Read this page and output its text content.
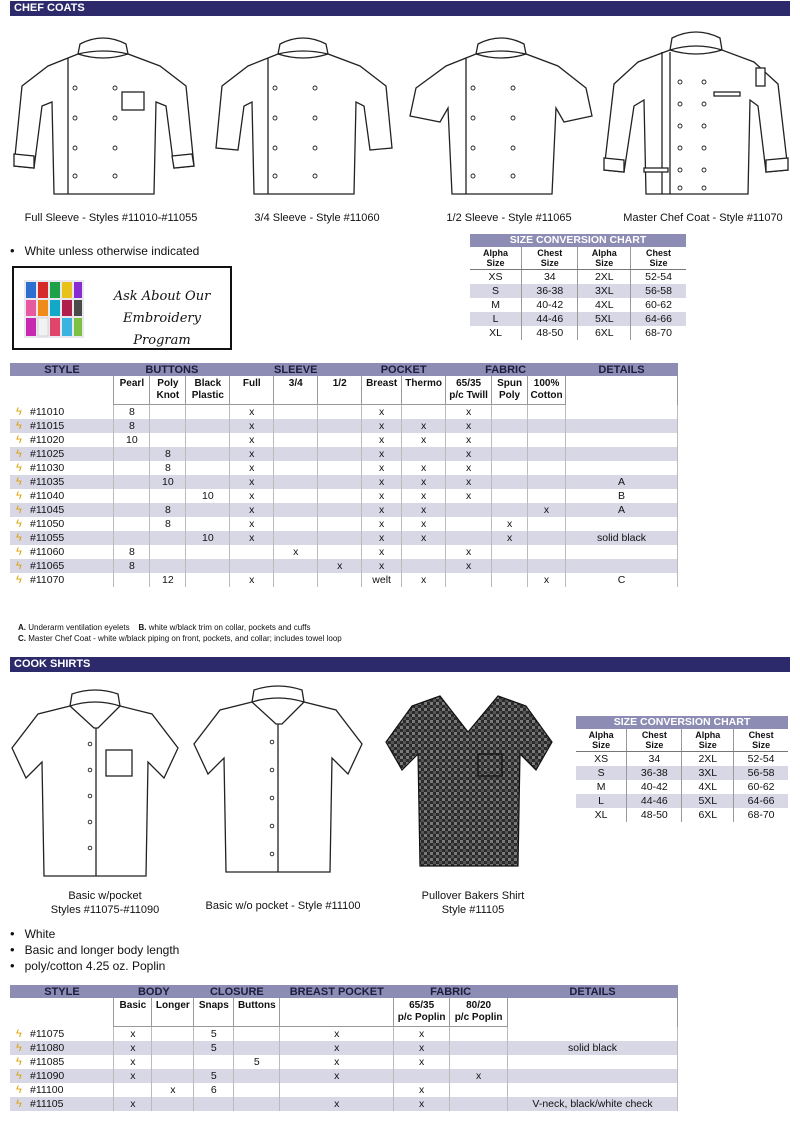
CHEF COATS
Full Sleeve - Styles #11010-#11055	3/4 Sleeve - Style #11060	1/2 Sleeve - Style #11065	Master Chef Coat - Style #11070
• White unless otherwise indicated
Ask About Our
Embroidery Program
SIZE CONVERSION CHART
Alpha
Size	Chest
Size	Alpha
Size	Chest
Size
XS	34	2XL	52-54
S	36-38	3XL	56-58
M	40-42	4XL	60-62
L	44-46	5XL	64-66
XL	48-50	6XL	68-70
STYLE	BUTTONS			SLEEVE			POCKET		FABRIC			DETAILS
	Pearl	Poly
Knot	Black
Plastic	Full	3/4	1/2	Breast	Thermo	65/35
p/c Twill	Spun
Poly	100%
Cotton	

ϟ #11010	8			x			x		x			

ϟ #11015	8			x			x	x	x			

ϟ #11020	10			x			x	x	x			

ϟ #11025		8		x			x		x			

ϟ #11030		8		x			x	x	x			

ϟ #11035		10		x			x	x	x			A

ϟ #11040			10	x			x	x	x			B

ϟ #11045		8		x			x	x			x	A

ϟ #11050		8		x			x	x		x		

ϟ #11055			10	x			x	x		x		solid black

ϟ #11060	8				x		x		x			

ϟ #11065	8					x	x		x			

ϟ #11070		12		x			welt	x			x	C
A. Underarm ventilation eyelets B. white w/black trim on collar, pockets and cuffs
C. Master Chef Coat - white w/black piping on front, pockets, and collar; includes towel loop
COOK SHIRTS
Basic w/pocket
Styles #11075-#11090	Basic w/o pocket - Style #11100
Pullover Bakers Shirt
Style #11105
• White
• Basic and longer body length
• poly/cotton 4.25 oz. Poplin
SIZE CONVERSION CHART
Alpha
Size	Chest
Size	Alpha
Size	Chest
Size
XS	34	2XL	52-54
S	36-38	3XL	56-58
M	40-42	4XL	60-62
L	44-46	5XL	64-66
XL	48-50	6XL	68-70
STYLE	BODY		CLOSURE		BREAST POCKET	FABRIC		DETAILS
	Basic	Longer	Snaps	Buttons		65/35
p/c Poplin	80/20
p/c Poplin	

ϟ #11075	x		5		x	x		

ϟ #11080	x		5		x	x		solid black

ϟ #11085	x			5	x	x		

ϟ #11090	x		5		x		x	

ϟ #11100		x	6			x		

ϟ #11105	x				x	x		V-neck, black/white check
